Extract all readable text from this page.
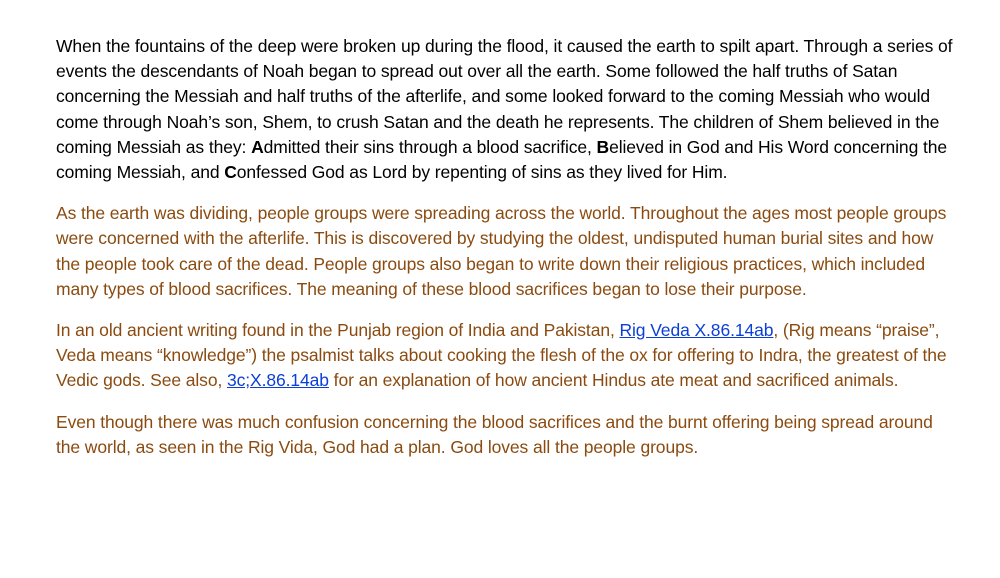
When the fountains of the deep were broken up during the flood, it caused the earth to spilt apart. Through a series of events the descendants of Noah began to spread out over all the earth. Some followed the half truths of Satan concerning the Messiah and half truths of the afterlife, and some looked forward to the coming Messiah who would come through Noah’s son, Shem, to crush Satan and the death he represents. The children of Shem believed in the coming Messiah as they: Admitted their sins through a blood sacrifice, Believed in God and His Word concerning the coming Messiah, and Confessed God as Lord by repenting of sins as they lived for Him.

As the earth was dividing, people groups were spreading across the world. Throughout the ages most people groups were concerned with the afterlife. This is discovered by studying the oldest, undisputed human burial sites and how the people took care of the dead. People groups also began to write down their religious practices, which included many types of blood sacrifices. The meaning of these blood sacrifices began to lose their purpose.

In an old ancient writing found in the Punjab region of India and Pakistan, Rig Veda X.86.14ab, (Rig means “praise”, Veda means “knowledge”) the psalmist talks about cooking the flesh of the ox for offering to Indra, the greatest of the Vedic gods. See also, 3c;X.86.14ab for an explanation of how ancient Hindus ate meat and sacrificed animals.

Even though there was much confusion concerning the blood sacrifices and the burnt offering being spread around the world, as seen in the Rig Vida, God had a plan. God loves all the people groups.
